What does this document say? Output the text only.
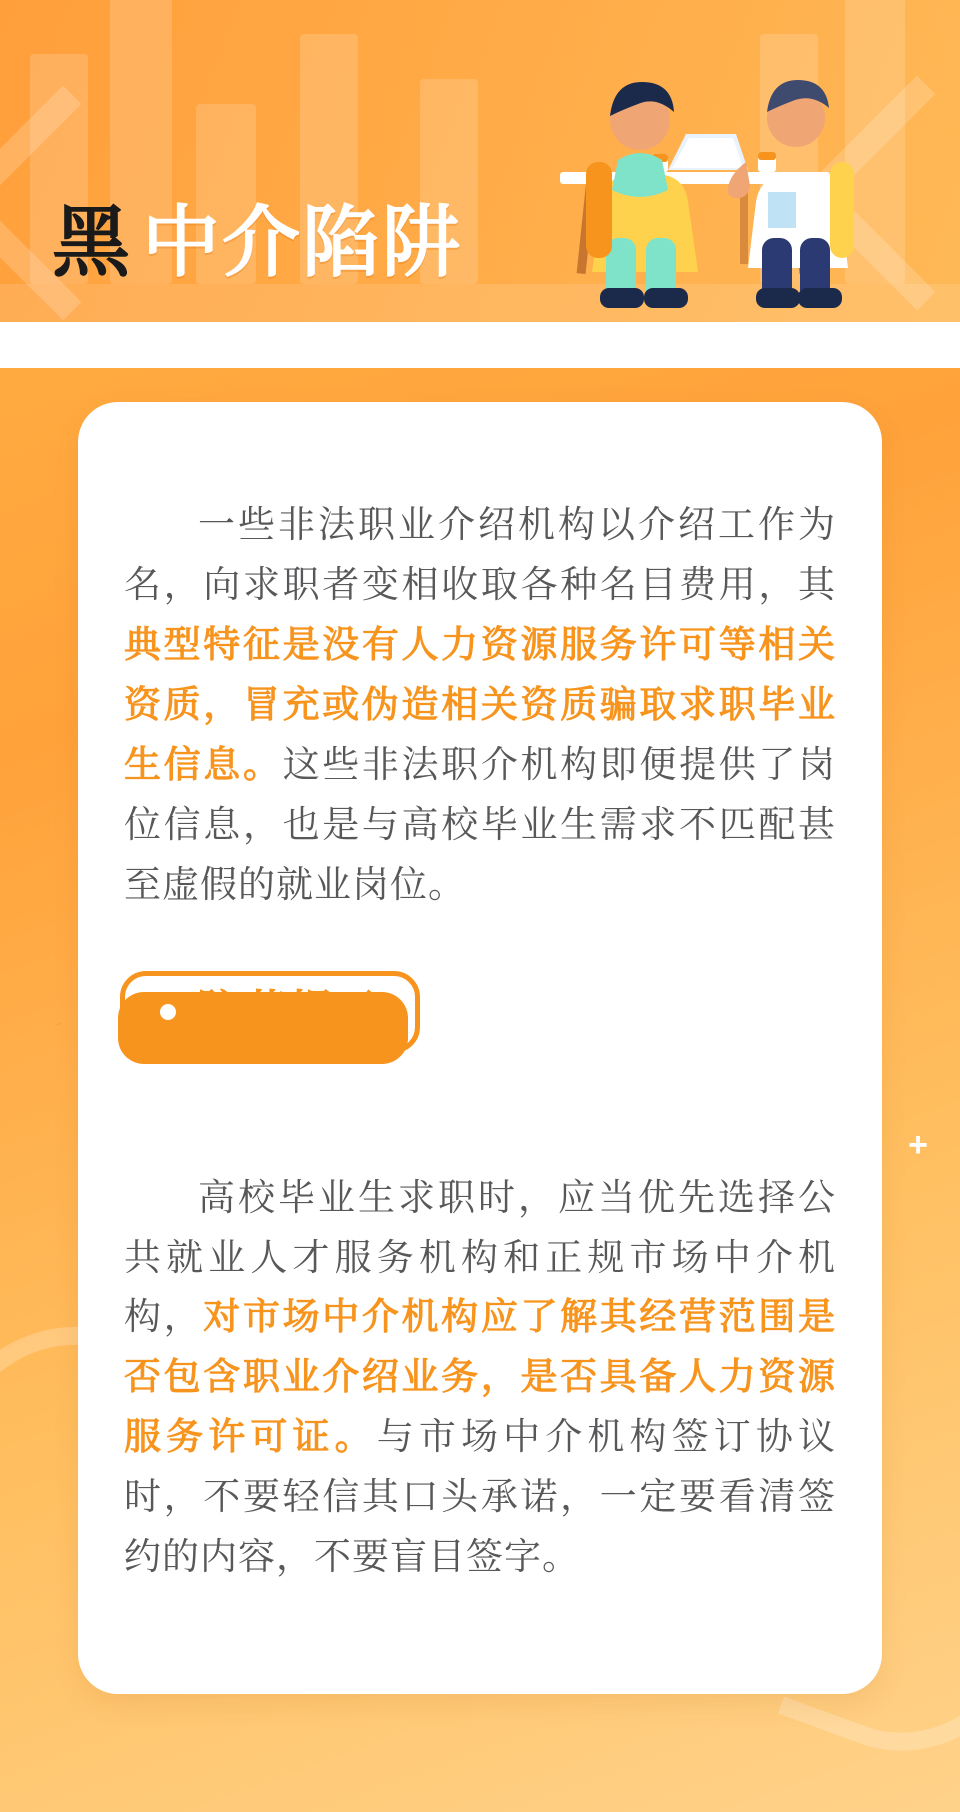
黑 中介陷阱
+

一些非法职业介绍机构以介绍工作为名，向求职者变相收取各种名目费用，其典型特征是没有人力资源服务许可等相关资质，冒充或伪造相关资质骗取求职毕业生信息。这些非法职介机构即便提供了岗位信息，也是与高校毕业生需求不匹配甚至虚假的就业岗位。

防范提示

高校毕业生求职时，应当优先选择公共就业人才服务机构和正规市场中介机构，对市场中介机构应了解其经营范围是否包含职业介绍业务，是否具备人力资源服务许可证。与市场中介机构签订协议时，不要轻信其口头承诺，一定要看清签约的内容，不要盲目签字。
